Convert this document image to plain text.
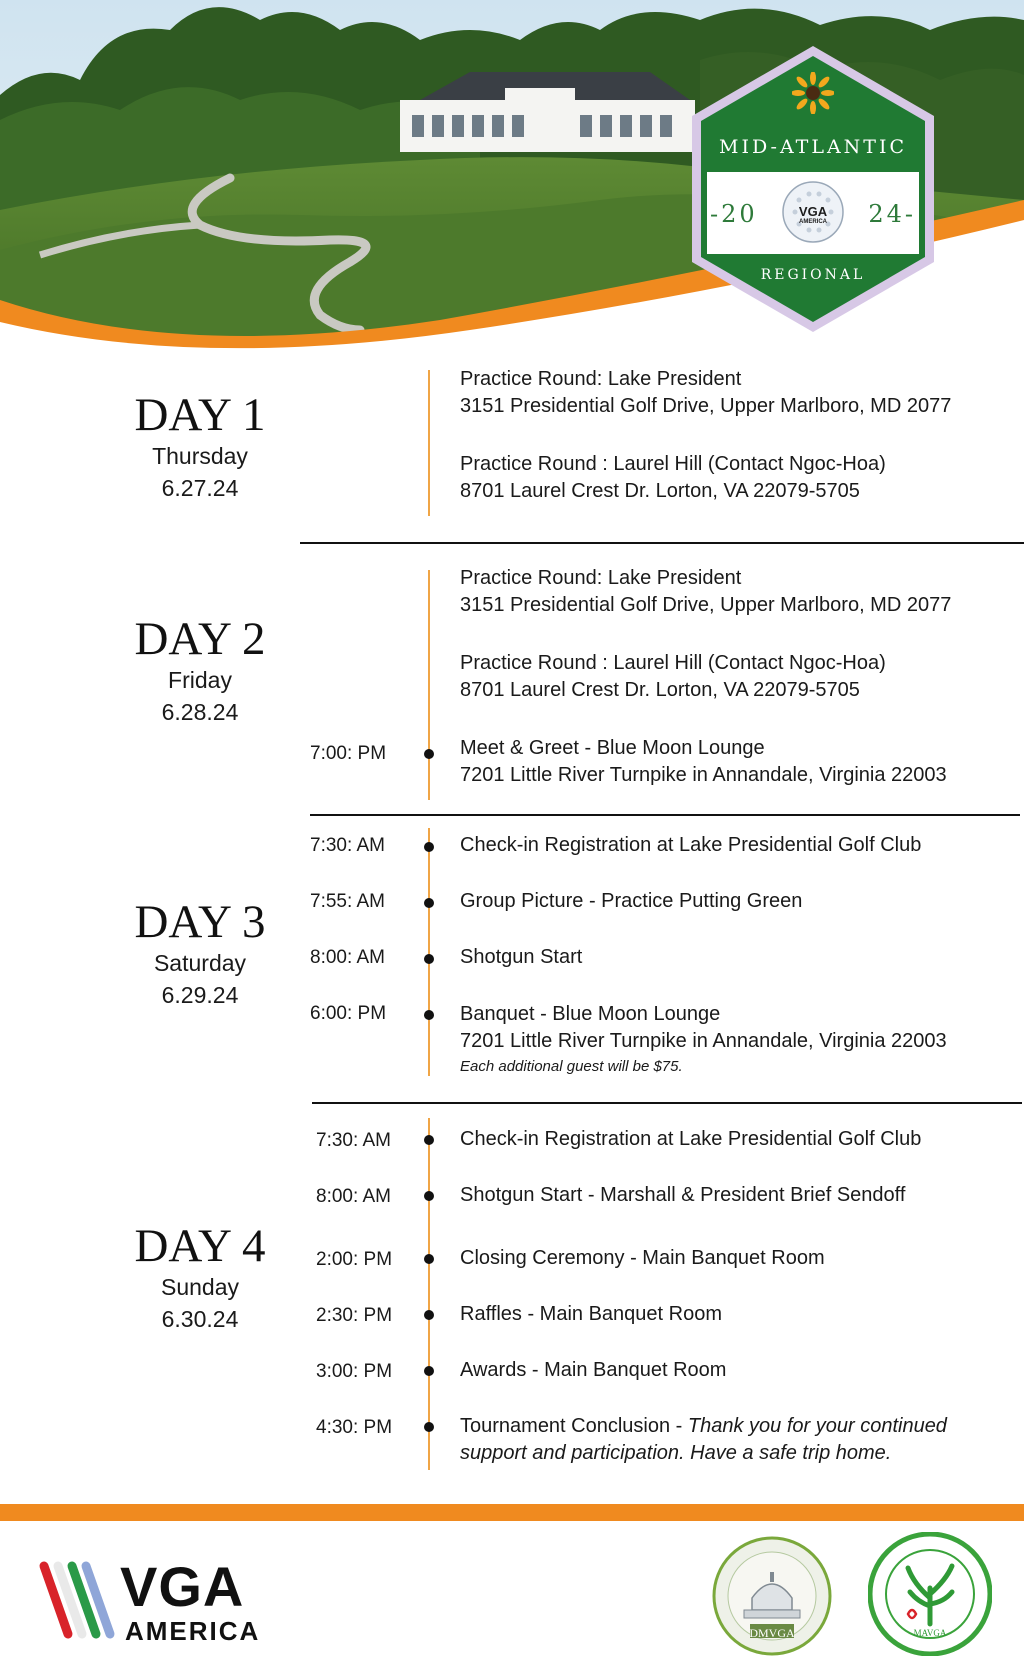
MID-ATLANTIC
-20	24-
VGA
AMERICA
REGIONAL
DAY 1
Thursday
6.27.24
Practice Round: Lake President
3151 Presidential Golf Drive, Upper Marlboro, MD 2077
Practice Round : Laurel Hill (Contact Ngoc-Hoa)
8701 Laurel Crest Dr. Lorton, VA 22079-5705
DAY 2
Friday
6.28.24
Practice Round: Lake President
3151 Presidential Golf Drive, Upper Marlboro, MD 2077
Practice Round : Laurel Hill (Contact Ngoc-Hoa)
8701 Laurel Crest Dr. Lorton, VA 22079-5705
7:00: PM	Meet & Greet - Blue Moon Lounge
7201 Little River Turnpike in Annandale, Virginia 22003
DAY 3
Saturday
6.29.24
7:30: AM	Check-in Registration at Lake Presidential Golf Club
7:55: AM	Group Picture - Practice Putting Green
8:00: AM	Shotgun Start
6:00: PM	Banquet - Blue Moon Lounge
7201 Little River Turnpike in Annandale, Virginia 22003
Each additional guest will be $75.
DAY 4
Sunday
6.30.24
7:30: AM	Check-in Registration at Lake Presidential Golf Club
8:00: AM	Shotgun Start - Marshall & President Brief Sendoff
2:00: PM	Closing Ceremony - Main Banquet Room
2:30: PM	Raffles - Main Banquet Room
3:00: PM	Awards - Main Banquet Room
4:30: PM	Tournament Conclusion - Thank you for your continued
support and participation. Have a safe trip home.
VGA
AMERICA	DMVGA	MAVGA
